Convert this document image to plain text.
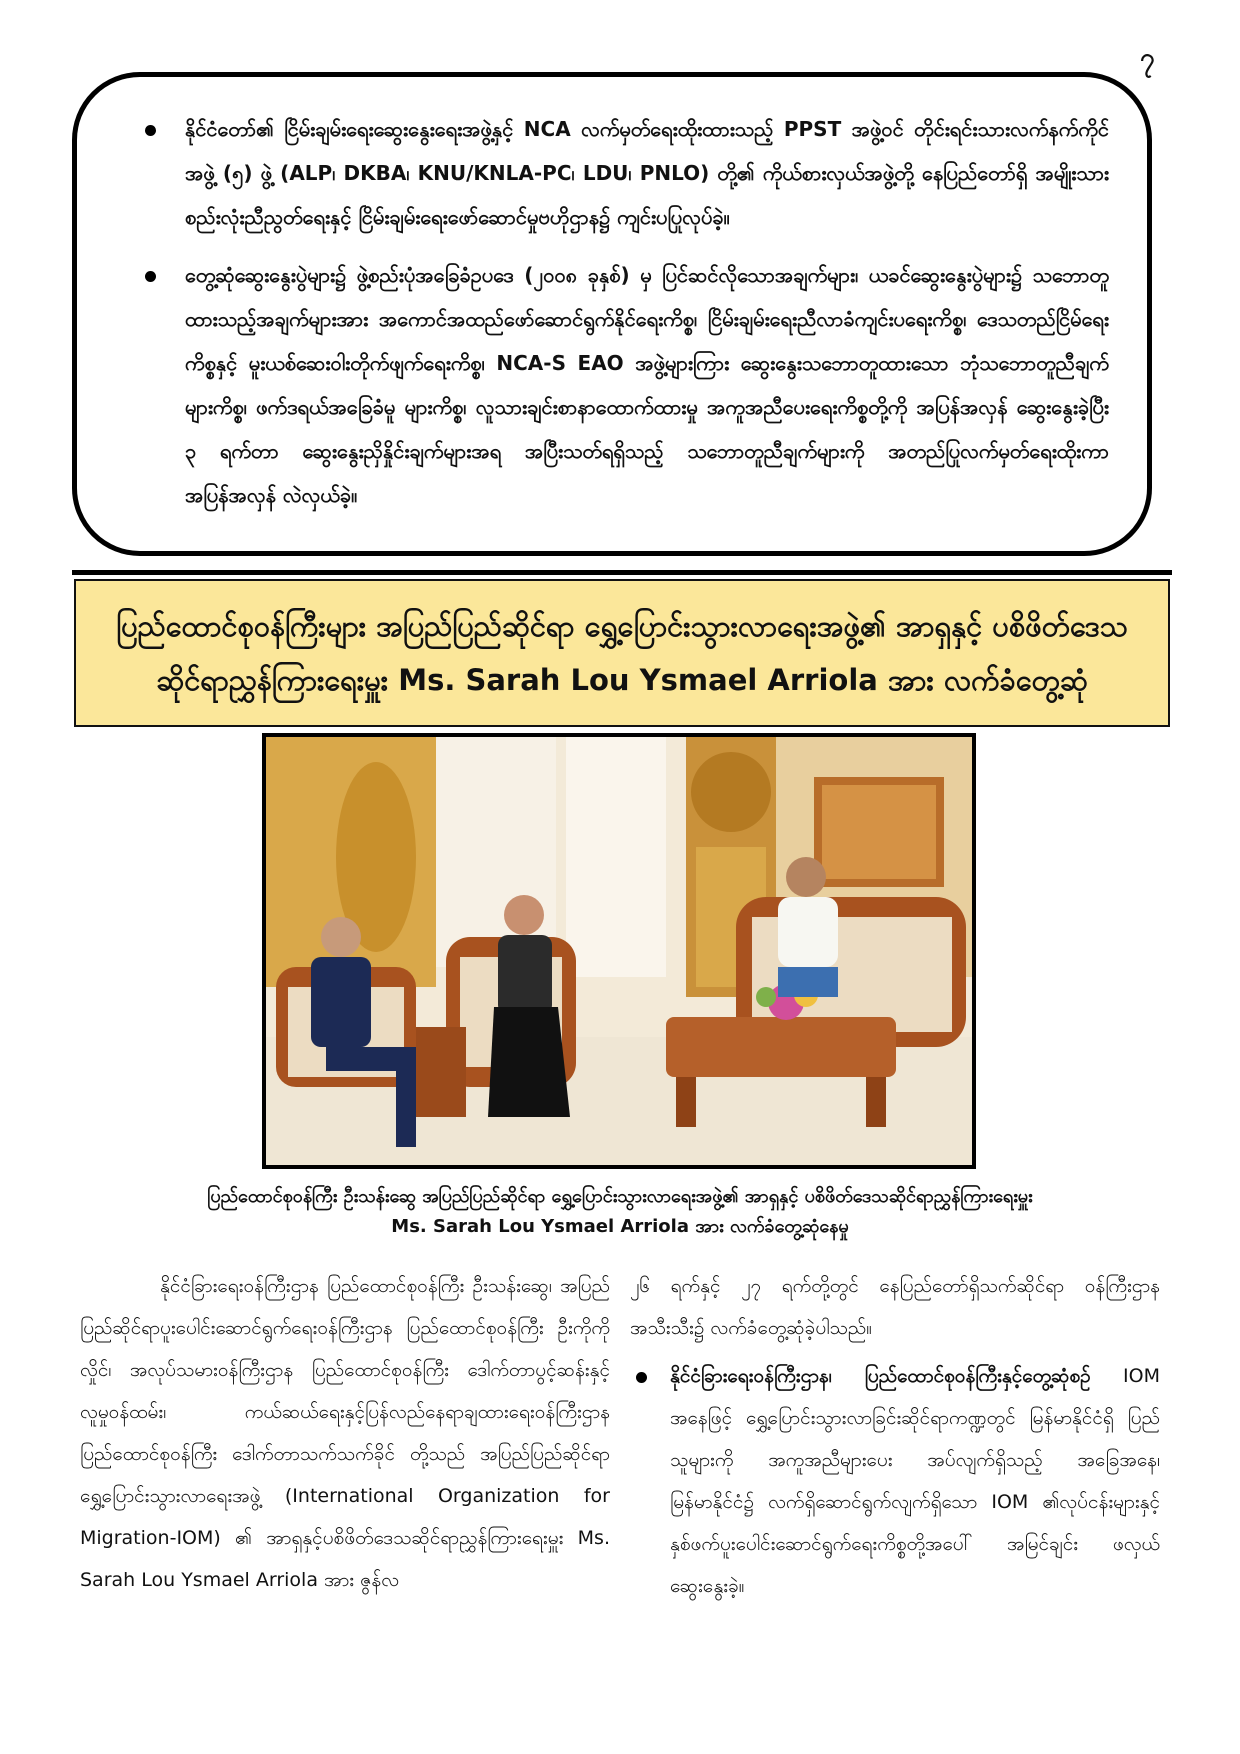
၇
နိုင်ငံတော်၏ ငြိမ်းချမ်းရေးဆွေးနွေးရေးအဖွဲ့နှင့် NCA လက်မှတ်ရေးထိုးထားသည့် PPST အဖွဲ့ဝင် တိုင်းရင်းသားလက်နက်ကိုင်အဖွဲ့ (၅) ဖွဲ့ (ALP၊ DKBA၊ KNU/KNLA-PC၊ LDU၊ PNLO) တို့၏ ကိုယ်စားလှယ်အဖွဲ့တို့ နေပြည်တော်ရှိ အမျိုးသားစည်းလုံးညီညွတ်ရေးနှင့် ငြိမ်းချမ်းရေးဖော်ဆောင်မှုဗဟိုဌာန၌ ကျင်းပပြုလုပ်ခဲ့။
တွေ့ဆုံဆွေးနွေးပွဲများ၌ ဖွဲ့စည်းပုံအခြေခံဥပဒေ (၂၀၀၈ ခုနှစ်) မှ ပြင်ဆင်လိုသောအချက်များ၊ ယခင်ဆွေးနွေးပွဲများ၌ သဘောတူထားသည့်အချက်များအား အကောင်အထည်ဖော်ဆောင်ရွက်နိုင်ရေးကိစ္စ၊ ငြိမ်းချမ်းရေးညီလာခံကျင်းပရေးကိစ္စ၊ ဒေသတည်ငြိမ်ရေးကိစ္စနှင့် မူးယစ်ဆေးဝါးတိုက်ဖျက်ရေးကိစ္စ၊ NCA-S EAO အဖွဲ့များကြား ဆွေးနွေးသဘောတူထားသော ဘုံသဘောတူညီချက်များကိစ္စ၊ ဖက်ဒရယ်အခြေခံမူ များကိစ္စ၊ လူသားချင်းစာနာထောက်ထားမှု အကူအညီပေးရေးကိစ္စတို့ကို အပြန်အလှန် ဆွေးနွေးခဲ့ပြီး ၃ ရက်တာ ဆွေးနွေးညှိနှိုင်းချက်များအရ အပြီးသတ်ရရှိသည့် သဘောတူညီချက်များကို အတည်ပြုလက်မှတ်ရေးထိုးကာ အပြန်အလှန် လဲလှယ်ခဲ့။
ပြည်ထောင်စုဝန်ကြီးများ အပြည်ပြည်ဆိုင်ရာ ရွှေ့ပြောင်းသွားလာရေးအဖွဲ့၏ အာရှနှင့် ပစိဖိတ်ဒေသဆိုင်ရာညွှန်ကြားရေးမှူး Ms. Sarah Lou Ysmael Arriola အား လက်ခံတွေ့ဆုံ
ပြည်ထောင်စုဝန်ကြီး ဦးသန်းဆွေ အပြည်ပြည်ဆိုင်ရာ ရွှေ့ပြောင်းသွားလာရေးအဖွဲ့၏ အာရှနှင့် ပစိဖိတ်ဒေသဆိုင်ရာညွှန်ကြားရေးမှူး
Ms. Sarah Lou Ysmael Arriola အား လက်ခံတွေ့ဆုံနေမှု
နိုင်ငံခြားရေးဝန်ကြီးဌာန ပြည်ထောင်စုဝန်ကြီး ဦးသန်းဆွေ၊ အပြည်ပြည်ဆိုင်ရာပူးပေါင်းဆောင်ရွက်ရေးဝန်ကြီးဌာန ပြည်ထောင်စုဝန်ကြီး ဦးကိုကိုလှိုင်၊ အလုပ်သမားဝန်ကြီးဌာန ပြည်ထောင်စုဝန်ကြီး ဒေါက်တာပွင့်ဆန်းနှင့်လူမှုဝန်ထမ်း၊ ကယ်ဆယ်ရေးနှင့်ပြန်လည်နေရာချထားရေးဝန်ကြီးဌာန ပြည်ထောင်စုဝန်ကြီး ဒေါက်တာသက်သက်ခိုင် တို့သည် အပြည်ပြည်ဆိုင်ရာရွှေ့ပြောင်းသွားလာရေးအဖွဲ့ (International Organization for Migration-IOM) ၏ အာရှနှင့်ပစိဖိတ်ဒေသဆိုင်ရာညွှန်ကြားရေးမှူး Ms. Sarah Lou Ysmael Arriola အား ဇွန်လ
၂၆ ရက်နှင့် ၂၇ ရက်တို့တွင် နေပြည်တော်ရှိသက်ဆိုင်ရာ ဝန်ကြီးဌာနအသီးသီး၌ လက်ခံတွေ့ဆုံခဲ့ပါသည်။
နိုင်ငံခြားရေးဝန်ကြီးဌာန၊ ပြည်ထောင်စုဝန်ကြီးနှင့်တွေ့ဆုံစဉ် IOM အနေဖြင့် ရွှေ့ပြောင်းသွားလာခြင်းဆိုင်ရာကဏ္ဍတွင် မြန်မာနိုင်ငံရှိ ပြည်သူများကို အကူအညီများပေး အပ်လျက်ရှိသည့် အခြေအနေ၊ မြန်မာနိုင်ငံ၌ လက်ရှိဆောင်ရွက်လျက်ရှိသော IOM ၏လုပ်ငန်းများနှင့် နှစ်ဖက်ပူးပေါင်းဆောင်ရွက်ရေးကိစ္စတို့အပေါ် အမြင်ချင်း ဖလှယ်ဆွေးနွေးခဲ့။
